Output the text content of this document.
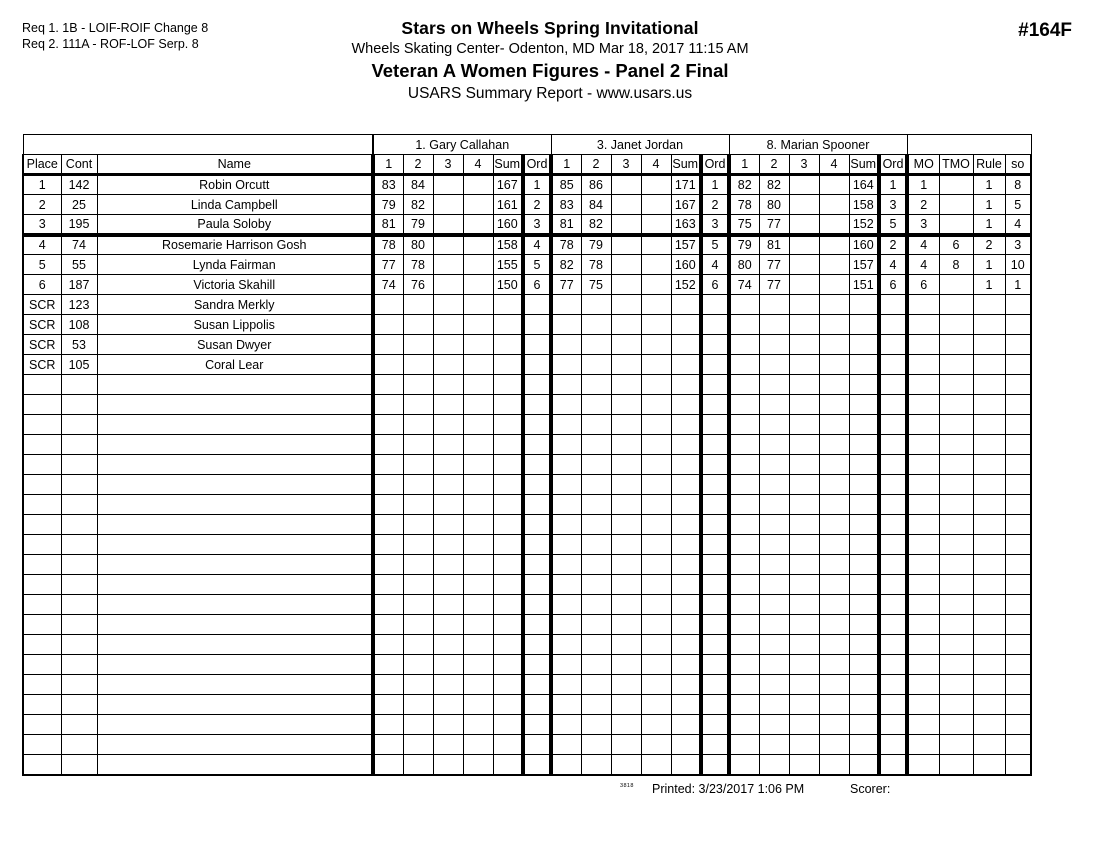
Req 1. 1B - LOIF-ROIF Change 8
Req 2. 111A - ROF-LOF Serp. 8
Stars on Wheels Spring Invitational
Wheels Skating Center- Odenton, MD Mar 18, 2017 11:15 AM
Veteran A Women Figures - Panel 2 Final
USARS Summary Report - www.usars.us
#164F
			1. Gary Callahan						3. Janet Jordan						8. Marian Spooner									
Place	Cont	Name	1	2	3	4	Sum	Ord	1	2	3	4	Sum	Ord	1	2	3	4	Sum	Ord	MO	TMO	Rule	so
1	142	Robin Orcutt	83	84			167	1	85	86			171	1	82	82			164	1	1		1	8
2	25	Linda Campbell	79	82			161	2	83	84			167	2	78	80			158	3	2		1	5
3	195	Paula Soloby	81	79			160	3	81	82			163	3	75	77			152	5	3		1	4
4	74	Rosemarie Harrison Gosh	78	80			158	4	78	79			157	5	79	81			160	2	4	6	2	3
5	55	Lynda Fairman	77	78			155	5	82	78			160	4	80	77			157	4	4	8	1	10
6	187	Victoria Skahill	74	76			150	6	77	75			152	6	74	77			151	6	6		1	1
SCR	123	Sandra Merkly																						
SCR	108	Susan Lippolis																						
SCR	53	Susan Dwyer																						
SCR	105	Coral Lear																						

3818 Printed: 3/23/2017 1:06 PM	Scorer:
